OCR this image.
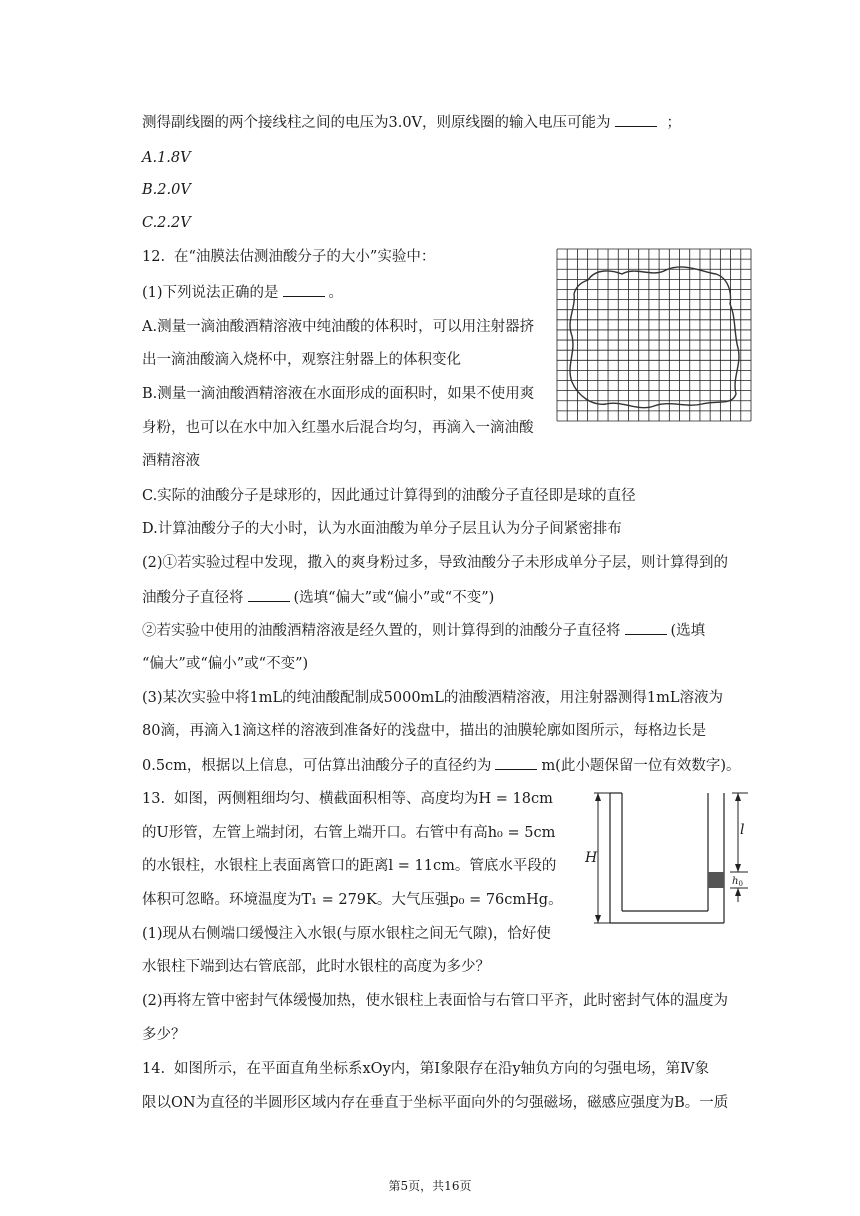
测得副线圈的两个接线柱之间的电压为3.0V，则原线圈的输入电压可能为	；
A.1.8V
B.2.0V
C.2.2V
12. 在“油膜法估测油酸分子的大小”实验中：
(1)下列说法正确的是	。
A.测量一滴油酸酒精溶液中纯油酸的体积时，可以用注射器挤
出一滴油酸滴入烧杯中，观察注射器上的体积变化
B.测量一滴油酸酒精溶液在水面形成的面积时，如果不使用爽
身粉，也可以在水中加入红墨水后混合均匀，再滴入一滴油酸
酒精溶液
C.实际的油酸分子是球形的，因此通过计算得到的油酸分子直径即是球的直径
D.计算油酸分子的大小时，认为水面油酸为单分子层且认为分子间紧密排布
(2)①若实验过程中发现，撒入的爽身粉过多，导致油酸分子未形成单分子层，则计算得到的
油酸分子直径将	(选填“偏大”或“偏小”或“不变”)
②若实验中使用的油酸酒精溶液是经久置的，则计算得到的油酸分子直径将	(选填
“偏大”或“偏小”或“不变”)
(3)某次实验中将1mL的纯油酸配制成5000mL的油酸酒精溶液，用注射器测得1mL溶液为
80滴，再滴入1滴这样的溶液到准备好的浅盘中，描出的油膜轮廓如图所示，每格边长是
0.5cm，根据以上信息，可估算出油酸分子的直径约为	m(此小题保留一位有效数字)。
13. 如图，两侧粗细均匀、横截面积相等、高度均为H = 18cm
的U形管，左管上端封闭，右管上端开口。右管中有高h₀ = 5cm
的水银柱，水银柱上表面离管口的距离l = 11cm。管底水平段的
体积可忽略。环境温度为T₁ = 279K。大气压强p₀ = 76cmHg。
(1)现从右侧端口缓慢注入水银(与原水银柱之间无气隙)，恰好使
水银柱下端到达右管底部，此时水银柱的高度为多少？
(2)再将左管中密封气体缓慢加热，使水银柱上表面恰与右管口平齐，此时密封气体的温度为
多少？
14. 如图所示，在平面直角坐标系xOy内，第Ⅰ象限存在沿y轴负方向的匀强电场，第Ⅳ象
限以ON为直径的半圆形区域内存在垂直于坐标平面向外的匀强磁场，磁感应强度为B。一质
H
l
$h_0$
第5页，共16页
